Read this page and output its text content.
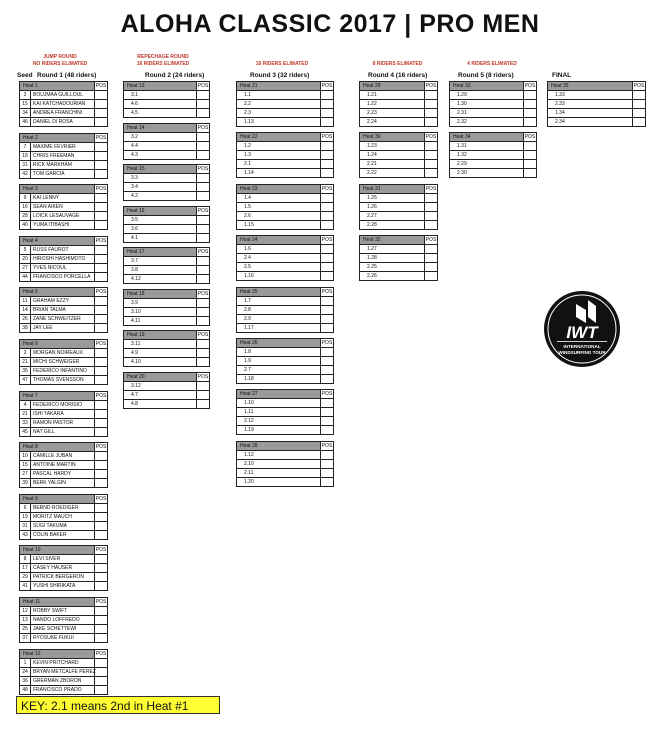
ALOHA CLASSIC 2017 | PRO MEN
JUMP ROUND
NO RIDERS ELIMATED
Round 1 (48 riders)
REPECHAGE ROUND
16 RIDERS ELIMATED
Round 2 (24 riders)
16 RIDERS ELIMATED
Round 3 (32 riders)
8 RIDERS ELIMATED
Round 4 (16 riders)
4 RIDERS ELIMATED
Round 5 (8 riders)	FINAL
Seed
Heat 1	POS
3	BOUJMAA GUILLOUL
15	KAI KATCHADOURIAN
34	ANDREA FRANCHINI
46	DANIEL DI ROSA
Heat 2	POS
7	MAXIME FEVRIER
18	CHRIS FREEMAN
31	RICK MARKHAM
42	TOM GARCIA
Heat 3	POS
9	KAI LENNY
16	SEAN AIKEN
28	LOICK LESAUVAGE
40	YUMA ITIBASHI
Heat 4	POS
5	RUSS FAUROT
20	HIROSHI HASHIMOTO
27	YVES NICOUL
44	FRANCISCO PORCELLA
Heat 5	POS
11	GRAHAM EZZY
14	BRIAN TALMA
26	ZANE SCHWEITZER
38	JAY LEE
Heat 6	POS
2	MORGAN NOIREAUX
21	MICHI SCHWEIGER
35	FEDERICO INFANTINO
47	THOMAS SVENSSON
Heat 7	POS
4	FEDERICO MORISIO
21	ISHI TAKARA
33	RAMON PASTOR
45	NAT GILL
Heat 8	POS
10	CAMILLE JUBAN
15	ANTOINE MARTIN
27	PASCAL HARDY
39	BERK YALGIN
Heat 9	POS
6	BERND ROEDIGER
19	MORITZ MAUCH
31	SUGI TAKUMA
43	COLIN BAKER
Heat 10	POS
8	LEVI SIVER
17	CASEY HAUSER
29	PATRICK BERGERON
41	YUSHI SHIRIKATA
Heat 11	POS
12	ROBBY SWIFT
13	NANDO LOFFREDO
25	JAKE SCHETTEWI
37	RYOSUKE FUKUI
Heat 12	POS
1	KEVIN PRITCHARD
24	BRYAN METCALFE PEREZ
36	GRERMAN ZBORON
48	FRANCISCO PRADO
Heat 13	POS
3.1
4.6
4.5
Heat 14	POS
3.2
4.4
4.3
Heat 15	POS
3.3
3.4
4.2
Heat 16	POS
3.5
3.6
4.1
Heat 17	POS
3.7
3.8
4.12
Heat 18	POS
3.9
3.10
4.11
Heat 19	POS
3.11
4.9
4.10
Heat 20	POS
3.12
4.7
4.8
Heat 21	POS
1.1
2.2
2.3
1.13
Heat 22	POS
1.2
1.3
2.1
1.14
Heat 23	POS
1.4
1.5
2.6
1.15
Heat 24	POS
1.6
2.4
2.5
1.16
Heat 25	POS
1.7
2.8
2.9
1.17
Heat 26	POS
1.8
1.9
2.7
1.18
Heat 27	POS
1.10
1.11
2.12
1.19
Heat 28	POS
1.12
2.10
2.11
1.20
Heat 29	POS
1.21
1.22
2.23
2.24
Heat 30	POS
1.23
1.24
2.21
2.22
Heat 31	POS
1.25
1.26
2.27
2.28
Heat 32	POS
1.27
1.28
2.25
2.26
Heat 33	POS
1.29
1.30
2.31
2.32
Heat 34	POS
1.31
1.32
2.29
2.30
Heat 35	POS
1.33
2.33
1.34
2.34
IWT
INTERNATIONAL
WINDSURFING TOUR
KEY: 2.1 means 2nd in Heat #1
